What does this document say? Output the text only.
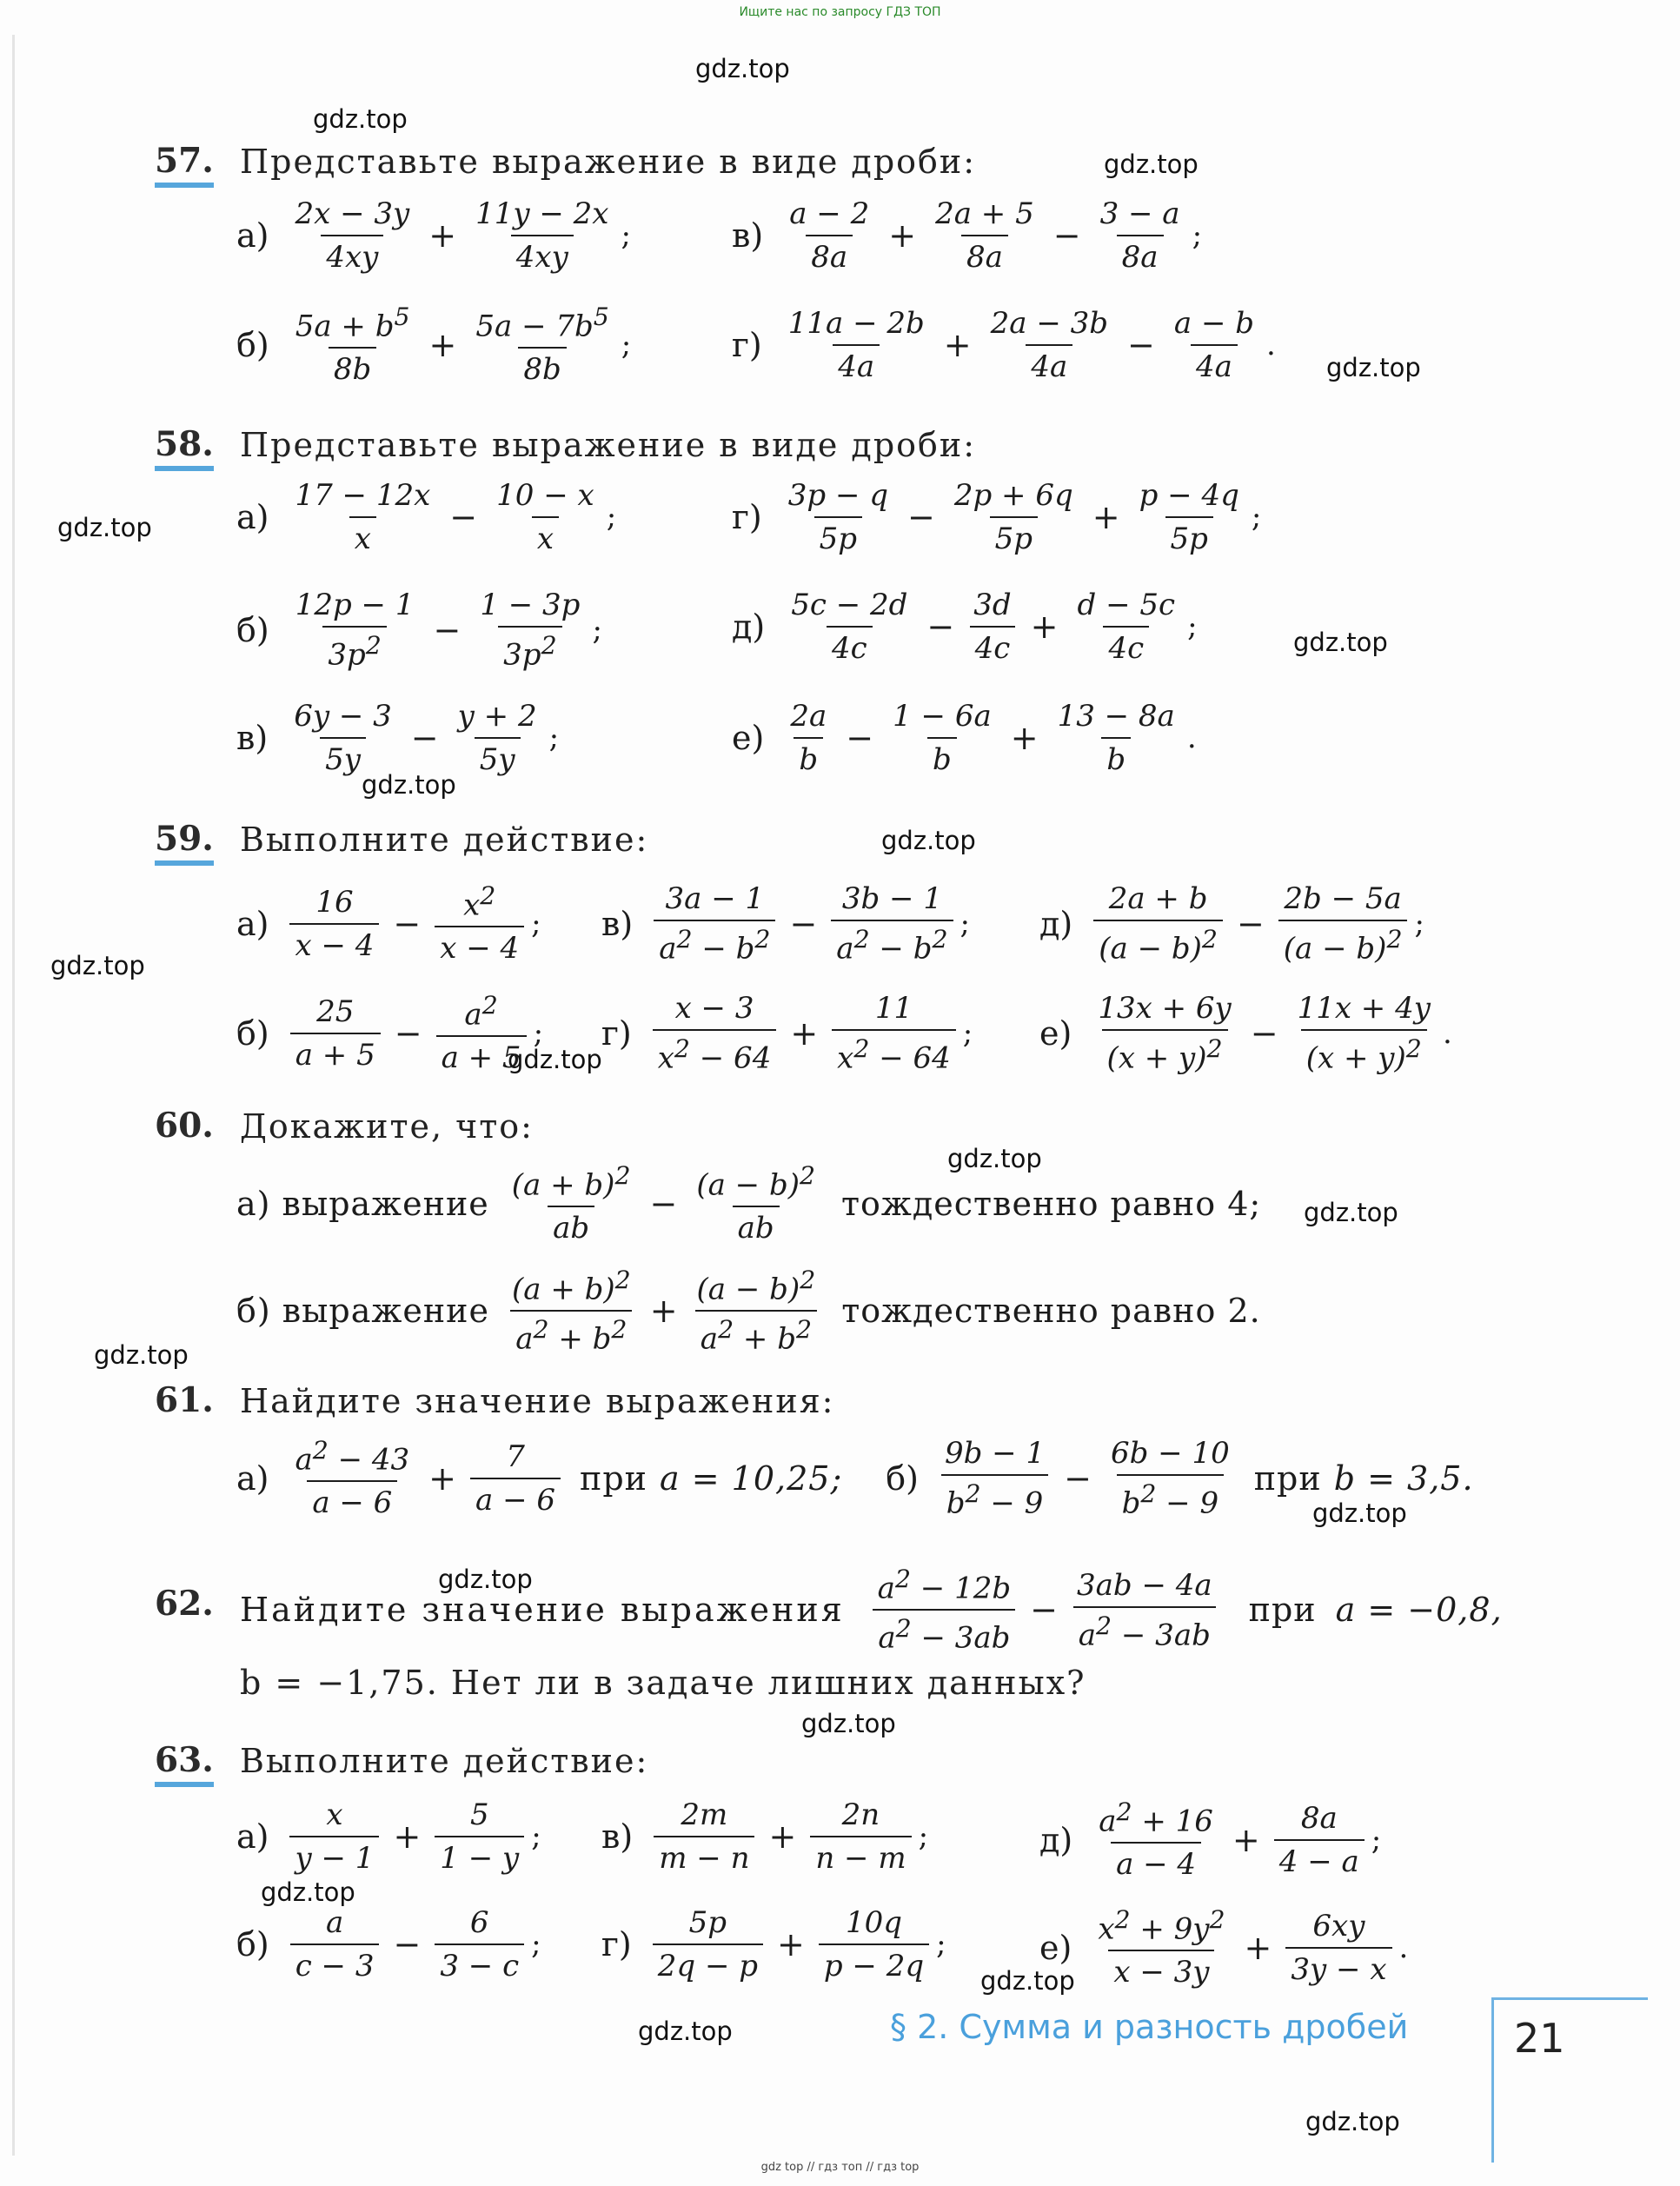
Ищите нас по запросу ГДЗ ТОП
gdz.top
gdz.top
gdz.top
gdz.top
gdz.top
gdz.top
gdz.top
gdz.top
gdz.top
gdz.top
gdz.top
gdz.top
gdz.top
gdz.top
gdz.top
gdz.top
gdz.top
gdz.top
gdz.top
gdz.top
57. Представьте выражение в виде дроби:
$а) \frac{2x - 3y}{4xy} + \frac{11y - 2x}{4xy}$ ;	$в) \frac{a - 2}{8a} + \frac{2a + 5}{8a} - \frac{3 - a}{8a}$ ;
$б) \frac{5a + b^5}{8b} + \frac{5a - 7b^5}{8b}$ ;	$г) \frac{11a - 2b}{4a} + \frac{2a - 3b}{4a} - \frac{a - b}{4a}$ .
58. Представьте выражение в виде дроби:
$а) \frac{17 - 12x}{x} - \frac{10 - x}{x}$ ;	$г) \frac{3p - q}{5p} - \frac{2p + 6q}{5p} + \frac{p - 4q}{5p}$ ;
$б) \frac{12p - 1}{3p^2} - \frac{1 - 3p}{3p^2}$ ;	$д) \frac{5c - 2d}{4c} - \frac{3d}{4c} + \frac{d - 5c}{4c}$ ;
$в) \frac{6y - 3}{5y} - \frac{y + 2}{5y}$ ;	$е) \frac{2a}{b} - \frac{1 - 6a}{b} + \frac{13 - 8a}{b}$ .
59. Выполните действие:
$а) \frac{16}{x - 4} - \frac{x^2}{x - 4}$ ; $в) \frac{3a - 1}{a^2 - b^2} - \frac{3b - 1}{a^2 - b^2}$ ; $д) \frac{2a + b}{(a - b)^2} - \frac{2b - 5a}{(a - b)^2}$ ;
$б) \frac{25}{a + 5} - \frac{a^2}{a + 5}$ ; $г) \frac{x - 3}{x^2 - 64} + \frac{11}{x^2 - 64}$ ; $е) \frac{13x + 6y}{(x + y)^2} - \frac{11x + 4y}{(x + y)^2}$ .
60. Докажите, что:
а) выражение $\frac{(a + b)^2}{ab} - \frac{(a - b)^2}{ab}$ тождественно равно 4;
б) выражение $\frac{(a + b)^2}{a^2 + b^2} + \frac{(a - b)^2}{a^2 + b^2}$ тождественно равно 2.
61. Найдите значение выражения:
$а) \frac{a^2 - 43}{a - 6} + \frac{7}{a - 6}$ при a = 10,25; $б) \frac{9b - 1}{b^2 - 9} - \frac{6b - 10}{b^2 - 9}$ при b = 3,5.
62. Найдите значение выражения $\frac{a^2 - 12b}{a^2 - 3ab} - \frac{3ab - 4a}{a^2 - 3ab}$ при a = −0,8,
b = −1,75. Нет ли в задаче лишних данных?
63. Выполните действие:
$а) \frac{x}{y - 1} + \frac{5}{1 - y}$ ; $в) \frac{2m}{m - n} + \frac{2n}{n - m}$ ;	$д) \frac{a^2 + 16}{a - 4} + \frac{8a}{4 - a}$ ;
$б) \frac{a}{c - 3} - \frac{6}{3 - c}$ ; $г) \frac{5p}{2q - p} + \frac{10q}{p - 2q}$ ;	$е) \frac{x^2 + 9y^2}{x - 3y} + \frac{6xy}{3y - x}$ .
§ 2. Сумма и разность дробей	21
gdz top // гдз топ // гдз top
